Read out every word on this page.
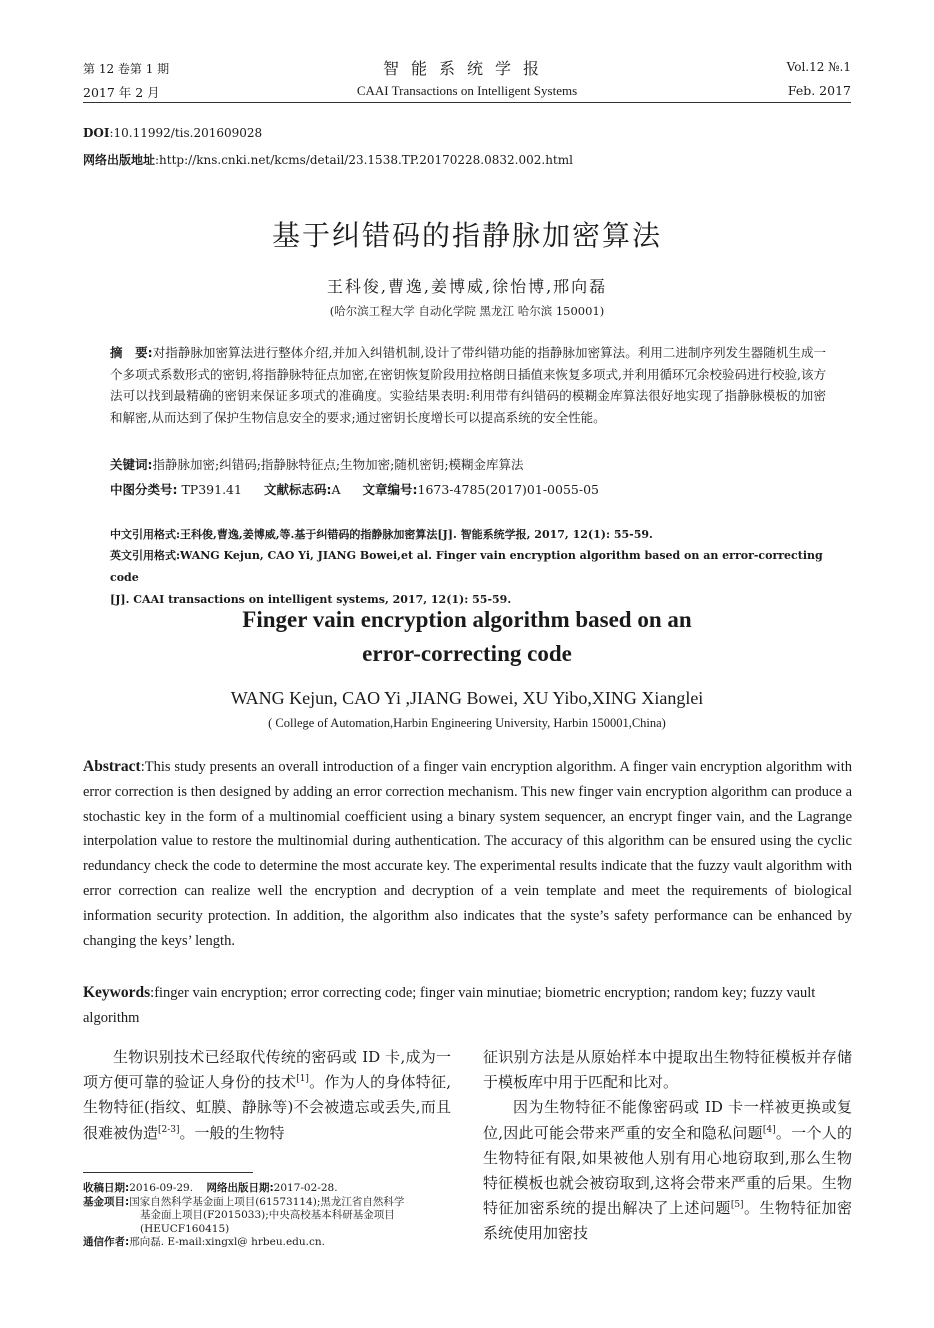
第 12 卷第 1 期	智能系统学报	Vol.12 №.1
2017 年 2 月	CAAI Transactions on Intelligent Systems	Feb. 2017
DOI:10.11992/tis.201609028
网络出版地址:http://kns.cnki.net/kcms/detail/23.1538.TP.20170228.0832.002.html
基于纠错码的指静脉加密算法
王科俊,曹逸,姜博威,徐怡博,邢向磊
(哈尔滨工程大学 自动化学院 黑龙江 哈尔滨 150001)
摘　要:对指静脉加密算法进行整体介绍,并加入纠错机制,设计了带纠错功能的指静脉加密算法。利用二进制序列发生器随机生成一个多项式系数形式的密钥,将指静脉特征点加密,在密钥恢复阶段用拉格朗日插值来恢复多项式,并利用循环冗余校验码进行校验,该方法可以找到最精确的密钥来保证多项式的准确度。实验结果表明:利用带有纠错码的模糊金库算法很好地实现了指静脉模板的加密和解密,从而达到了保护生物信息安全的要求;通过密钥长度增长可以提高系统的安全性能。
关键词:指静脉加密;纠错码;指静脉特征点;生物加密;随机密钥;模糊金库算法
中图分类号: TP391.41 文献标志码:A 文章编号:1673-4785(2017)01-0055-05
中文引用格式:王科俊,曹逸,姜博威,等.基于纠错码的指静脉加密算法[J]. 智能系统学报, 2017, 12(1): 55-59.
英文引用格式:WANG Kejun, CAO Yi, JIANG Bowei,et al. Finger vain encryption algorithm based on an error-correcting code
[J]. CAAI transactions on intelligent systems, 2017, 12(1): 55-59.
Finger vain encryption algorithm based on an
error-correcting code
WANG Kejun, CAO Yi ,JIANG Bowei, XU Yibo,XING Xianglei
( College of Automation,Harbin Engineering University, Harbin 150001,China)
Abstract:This study presents an overall introduction of a finger vain encryption algorithm. A finger vain encryption algorithm with error correction is then designed by adding an error correction mechanism. This new finger vain encryption algorithm can produce a stochastic key in the form of a multinomial coefficient using a binary system sequencer, an encrypt finger vain, and the Lagrange interpolation value to restore the multinomial during authentication. The accuracy of this algorithm can be ensured using the cyclic redundancy check the code to determine the most accurate key. The experimental results indicate that the fuzzy vault algorithm with error correction can realize well the encryption and decryption of a vein template and meet the requirements of biological information security protection. In addition, the algorithm also indicates that the syste’s safety performance can be enhanced by changing the keys’ length.
Keywords:finger vain encryption; error correcting code; finger vain minutiae; biometric encryption; random key; fuzzy vault algorithm

生物识别技术已经取代传统的密码或 ID 卡,成为一项方便可靠的验证人身份的技术[1]。作为人的身体特征,生物特征(指纹、虹膜、静脉等)不会被遗忘或丢失,而且很难被伪造[2-3]。一般的生物特

收稿日期:2016-09-29. 网络出版日期:2017-02-28.
基金项目:国家自然科学基金面上项目(61573114);黑龙江省自然科学
基金面上项目(F2015033);中央高校基本科研基金项目
(HEUCF160415)
通信作者:邢向磊. E-mail:xingxl@ hrbeu.edu.cn.

征识别方法是从原始样本中提取出生物特征模板并存储于模板库中用于匹配和比对。

因为生物特征不能像密码或 ID 卡一样被更换或复位,因此可能会带来严重的安全和隐私问题[4]。一个人的生物特征有限,如果被他人别有用心地窃取到,那么生物特征模板也就会被窃取到,这将会带来严重的后果。生物特征加密系统的提出解决了上述问题[5]。生物特征加密系统使用加密技
